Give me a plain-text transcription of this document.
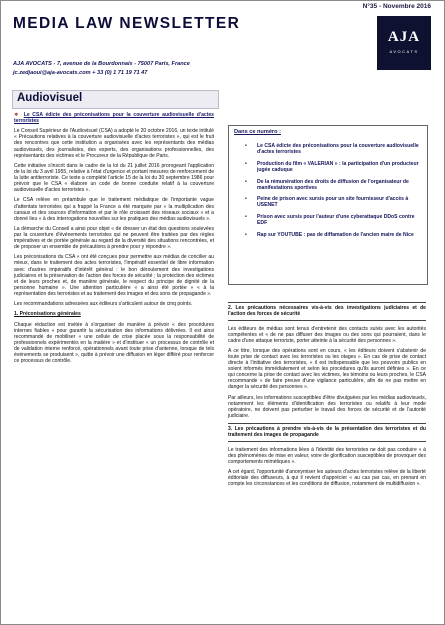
N°35 - Novembre 2016
MEDIA LAW NEWSLETTER
AJA
AVOCATS
AJA AVOCATS - 7, avenue de la Bourdonnais - 75007 Paris, France
jc.zedjaoui@aja-avocats.com + 33 (0) 1 71 19 71 47
Audiovisuel

❖ Le CSA édicte des préconisations pour la couverture audiovisuelle d'actes terroristes

Le Conseil Supérieur de l'Audiovisuel (CSA) a adopté le 20 octobre 2016, un texte intitulé « Précautions relatives à la couverture audiovisuelle d'actes terroristes », qui est le fruit des rencontres que cette institution a organisées avec les représentants des médias audiovisuels, des journalistes, des experts, des organisations professionnelles, des représentants des victimes et le Procureur de la République de Paris.

Cette initiative s'inscrit dans le cadre de la loi du 21 juillet 2016 prorogeant l'application de la loi du 3 avril 1955, relative à l'état d'urgence et portant mesures de renforcement de la lutte antiterroriste. Ce texte a complété l'article 15 de la loi du 30 septembre 1986 pour prévoir que le CSA « élabore un code de bonne conduite relatif à la couverture audiovisuelle d'actes terroristes ».

Le CSA relève en préambule que le traitement médiatique de l'importante vague d'attentats terroristes qui a frappé la France a été marquée par « la multiplication des canaux et des sources d'information et par le rôle croissant des réseaux sociaux » et a donné lieu « à des interrogations nouvelles sur les pratiques des médias audiovisuels ».

La démarche du Conseil a ainsi pour objet « de dresser un état des questions soulevées par la couverture d'événements terroristes qui ne peuvent être traitées par des règles impératives et de portée générale au regard de la diversité des situations rencontrées, et de proposer un ensemble de précautions à prendre pour y répondre ».

Les préconisations du CSA « ont été conçues pour permettre aux médias de concilier au mieux, dans le traitement des actes terroristes, l'impératif essentiel de libre information avec d'autres impératifs d'intérêt général : le bon déroulement des investigations judiciaires et la préservation de l'action des forces de sécurité ; la protection des victimes et de leurs proches et, de manière générale, le respect du principe de dignité de la personne humaine ». Une attention particulière « a ainsi été portée » « à la représentation des terroristes et au traitement des images et des sons de propagande ».

Les recommandations adressées aux éditeurs s'articulent autour de cinq points.

1. Préconisations générales

Chaque rédaction est invitée à s'organiser de manière à prévoir « des procédures internes fiables » pour garantir la sécurisation des informations délivrées. Il est ainsi recommandé de mobiliser « une cellule de crise placée sous la responsabilité de professionnels expérimentés en la matière » et d'instituer « un processus de contrôle et de validation interne renforcé, opérationnels avant toute prise d'antenne, lorsque de tels événements se produisent », quitte à prévoir une diffusion en léger différé pour renforcer ce processus de contrôle.

Dans ce numéro :
• Le CSA édicte des préconisations pour la couverture audiovisuelle d'actes terroristes
• Production du film « VALERIAN » : la participation d'un producteur jugée caduque
• De la rémunération des droits de diffusion de l'organisateur de manifestations sportives
• Peine de prison avec sursis pour un site fournisseur d'accès à USENET
• Prison avec sursis pour l'auteur d'une cyberattaque DDoS contre EDF
• Rap sur YOUTUBE : pas de diffamation de l'ancien maire de Nice
2. Les précautions nécessaires vis-à-vis des investigations judiciaires et de l'action des forces de sécurité

Les éditeurs de médias sont tenus d'entretenir des contacts suivis avec les autorités compétentes et « de ne pas diffuser des images ou des sons qui pourraient, dans le cadre d'une attaque terroriste, porter atteinte à la sécurité des personnes ».

A ce titre, lorsque des opérations sont en cours, « les éditeurs doivent s'abstenir de toute prise de contact avec les terroristes ou les otages ». En cas de prise de contact directe à l'initiative des terroristes, « il est indispensable que les pouvoirs publics en soient informés immédiatement et selon les procédures qu'ils auront définies ». En ce qui concerne la prise de contact avec les victimes, les témoins ou leurs proches, le CSA recommande « de faire preuve d'une vigilance particulière, afin de ne pas mettre en danger la sécurité des personnes ».

Par ailleurs, les informations susceptibles d'être divulguées par les médias audiovisuels, notamment les éléments d'identification des terroristes ou relatifs à leur mode opératoire, ne doivent pas perturber le travail des forces de sécurité et de l'autorité judiciaire.

3. Les précautions à prendre vis-à-vis de la présentation des terroristes et du traitement des images de propagande

Le traitement des informations liées à l'identité des terroristes ne doit pas conduire « à des phénomènes de mise en valeur, voire de glorification susceptibles de provoquer des comportements mimétiques ».

A cet égard, l'opportunité d'anonymiser les auteurs d'actes terroristes relève de la liberté éditoriale des diffuseurs, à qui il revient d'apprécier « au cas par cas, en prenant en compte les circonstances et les conditions de diffusion, notamment de multidiffusion ».
